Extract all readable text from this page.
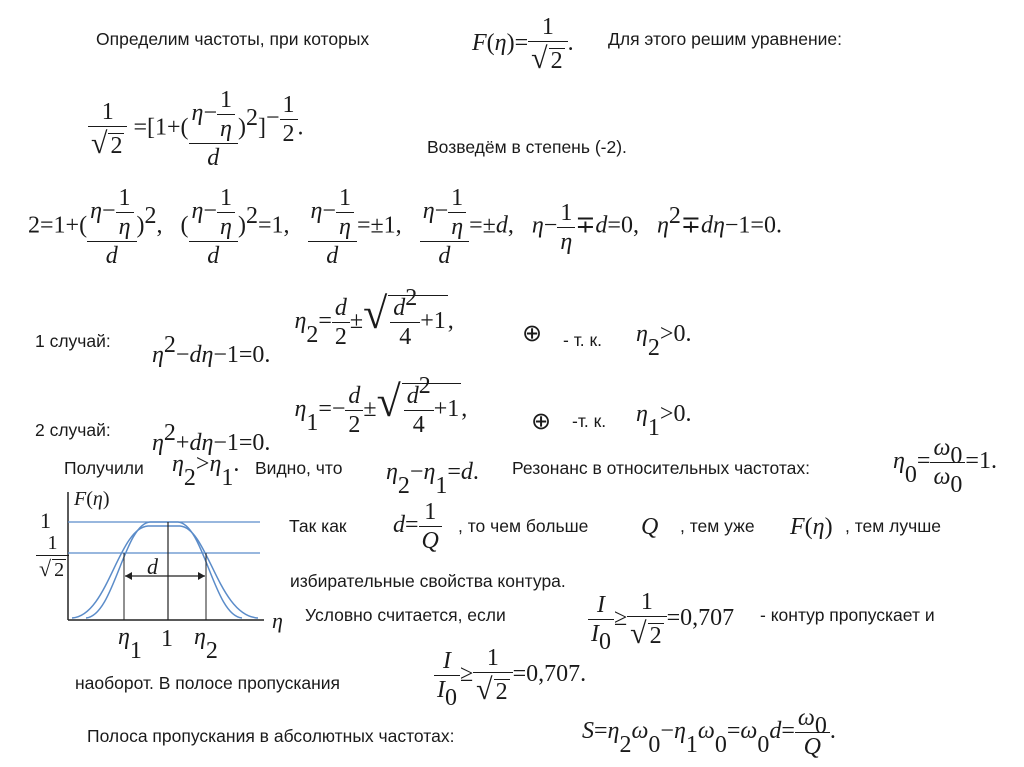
Определим частоты, при которых	$F(\eta)= \frac{1}{√ 2}$ . Для этого решим уравнение:
$\frac{1}{√ 2} =[1+( \frac{\eta- \frac{1}{\eta}}{d} )2]- \frac{1}{2}$ .
Возведём в степень (-2).
$2=1+( \frac{\eta- \frac{1}{\eta}}{d} )2$,   ( $\frac{\eta- \frac{1}{\eta}}{d} )2=1$, $\frac{\eta- \frac{1}{\eta}}{d} =\pm 1$, $\frac{\eta- \frac{1}{\eta}}{d} =\pm d$,   $\eta- \frac{1}{\eta} \mp d=0$,   η2∓dη−1=0.
1 случай:
η2−dη−1=0.    $\eta 2= \frac{d}{2}$ ±√ $\frac{d2}{4} +1$,	⊕ - т. к. η2>0.
2 случай: η2+dη−1=0.    $\eta 1=- \frac{d}{2}$ ±√ $\frac{d2}{4} +1$,	⊕ -т. к. η1>0.
Получили η2>η1. Видно, что η2−η1=d. Резонанс в относительных частотах:	$\eta 0= \frac{\omega 0}{\omega 0} =1$.
F(η)
1
$\frac{1}{√ 2}$	d
η
η1 1 η2
Так как $d= \frac{1}{Q}$ , то чем больше Q , тем уже F(η) , тем лучше
избирательные свойства контура.
Условно считается, если	$\frac{I}{I0} \ge \frac{1}{√ 2} =0,707$ - контур пропускает и
наоборот. В полосе пропускания	$\frac{I}{I0} \ge \frac{1}{√ 2} =0,707$.
Полоса пропускания в абсолютных частотах:	$S=\eta 2\omega 0-\eta 1\omega 0=\omega 0d= \frac{\omega 0}{Q}$ .
